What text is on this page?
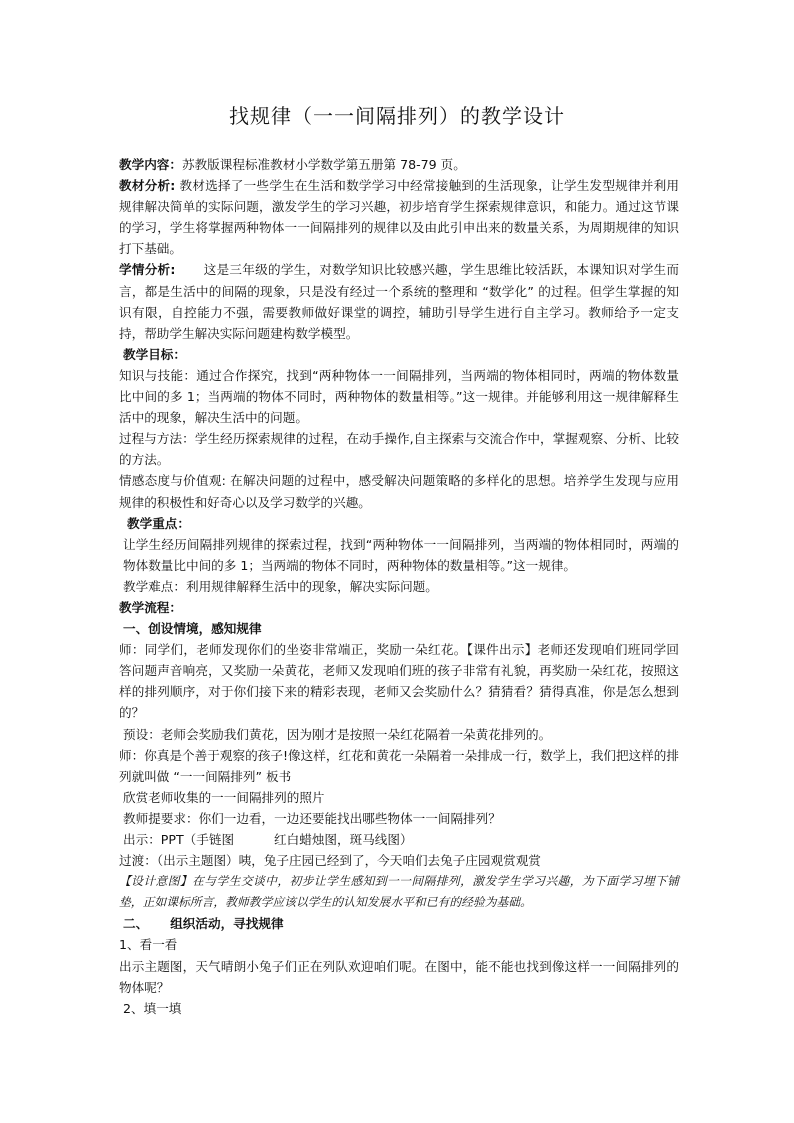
找规律（一一间隔排列）的教学设计

教学内容：苏教版课程标准教材小学数学第五册第 78-79 页。

教材分析: 教材选择了一些学生在生活和数学学习中经常接触到的生活现象，让学生发型规律并利用规律解决简单的实际问题，激发学生的学习兴趣，初步培育学生探索规律意识，和能力。通过这节课的学习，学生将掌握两种物体一一间隔排列的规律以及由此引申出来的数量关系，为周期规律的知识打下基础。

学情分析: 这是三年级的学生，对数学知识比较感兴趣，学生思维比较活跃，本课知识对学生而言，都是生活中的间隔的现象，只是没有经过一个系统的整理和 “数学化” 的过程。但学生掌握的知识有限，自控能力不强，需要教师做好课堂的调控，辅助引导学生进行自主学习。教师给予一定支持，帮助学生解决实际问题建构数学模型。

教学目标：

知识与技能：通过合作探究，找到“两种物体一一间隔排列，当两端的物体相同时，两端的物体数量比中间的多 1；当两端的物体不同时，两种物体的数量相等。”这一规律。并能够利用这一规律解释生活中的现象，解决生活中的问题。

过程与方法：学生经历探索规律的过程，在动手操作,自主探索与交流合作中，掌握观察、分析、比较的方法。

情感态度与价值观: 在解决问题的过程中，感受解决问题策略的多样化的思想。培养学生发现与应用规律的积极性和好奇心以及学习数学的兴趣。

教学重点：

让学生经历间隔排列规律的探索过程，找到“两种物体一一间隔排列，当两端的物体相同时，两端的物体数量比中间的多 1；当两端的物体不同时，两种物体的数量相等。”这一规律。

教学难点：利用规律解释生活中的现象，解决实际问题。

教学流程：

一、创设情境，感知规律

师：同学们，老师发现你们的坐姿非常端正，奖励一朵红花。【课件出示】老师还发现咱们班同学回答问题声音响亮，又奖励一朵黄花，老师又发现咱们班的孩子非常有礼貌，再奖励一朵红花，按照这样的排列顺序，对于你们接下来的精彩表现，老师又会奖励什么？猜猜看？猜得真准，你是怎么想到的？

预设：老师会奖励我们黄花，因为刚才是按照一朵红花隔着一朵黄花排列的。

师：你真是个善于观察的孩子!像这样，红花和黄花一朵隔着一朵排成一行，数学上，我们把这样的排列就叫做 “一一间隔排列” 板书

欣赏老师收集的一一间隔排列的照片

教师提要求：你们一边看，一边还要能找出哪些物体一一间隔排列？

出示：PPT（手链图	红白蜡烛图，斑马线图）

过渡：（出示主题图）咦，兔子庄园已经到了，今天咱们去兔子庄园观赏观赏

【设计意图】在与学生交谈中，初步让学生感知到一一间隔排列，激发学生学习兴趣，为下面学习埋下铺垫，正如课标所言，教师教学应该以学生的认知发展水平和已有的经验为基础。

二、 组织活动，寻找规律

1、看一看

出示主题图，天气晴朗小兔子们正在列队欢迎咱们呢。在图中，能不能也找到像这样一一间隔排列的物体呢？

2、填一填
